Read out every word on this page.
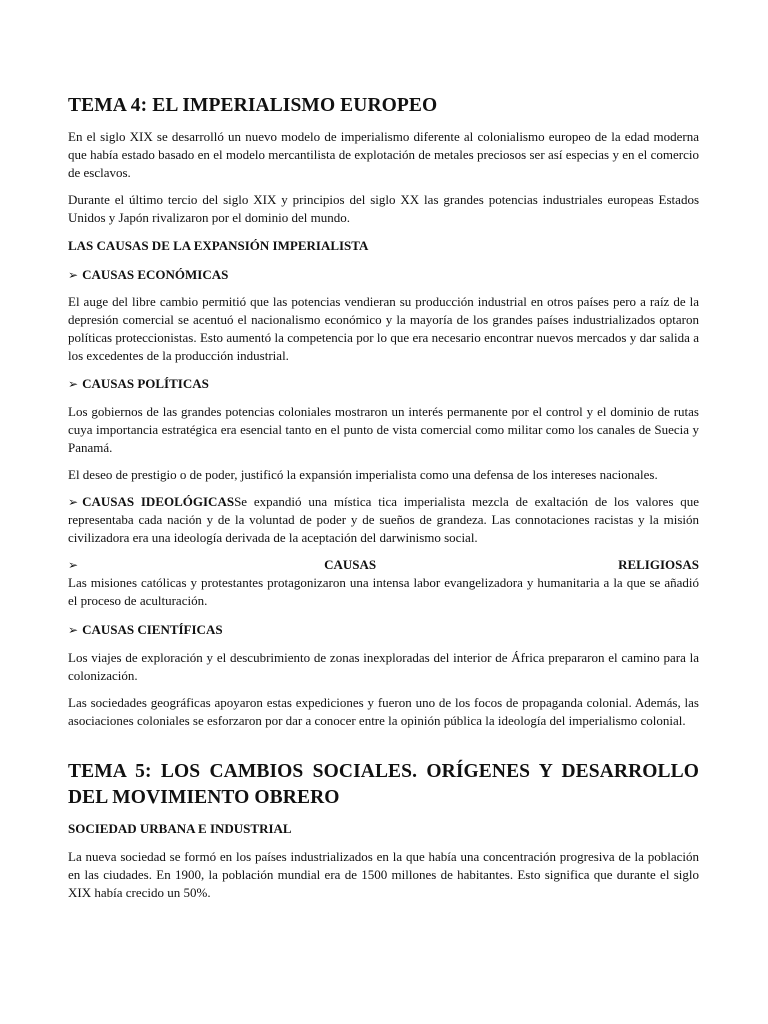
TEMA 4: EL IMPERIALISMO EUROPEO

En el siglo XIX se desarrolló un nuevo modelo de imperialismo diferente al colonialismo europeo de la edad moderna que había estado basado en el modelo mercantilista de explotación de metales preciosos ser así especias y en el comercio de esclavos.

Durante el último tercio del siglo XIX y principios del siglo XX las grandes potencias industriales europeas Estados Unidos y Japón rivalizaron por el dominio del mundo.

LAS CAUSAS DE LA EXPANSIÓN IMPERIALISTA
➢ CAUSAS ECONÓMICAS

El auge del libre cambio permitió que las potencias vendieran su producción industrial en otros países pero a raíz de la depresión comercial se acentuó el nacionalismo económico y la mayoría de los grandes países industrializados optaron políticas proteccionistas. Esto aumentó la competencia por lo que era necesario encontrar nuevos mercados y dar salida a los excedentes de la producción industrial.

➢ CAUSAS POLÍTICAS

Los gobiernos de las grandes potencias coloniales mostraron un interés permanente por el control y el dominio de rutas cuya importancia estratégica era esencial tanto en el punto de vista comercial como militar como los canales de Suecia y Panamá.

El deseo de prestigio o de poder, justificó la expansión imperialista como una defensa de los intereses nacionales.

➢ CAUSAS IDEOLÓGICASSe expandió una mística tica imperialista mezcla de exaltación de los valores que representaba cada nación y de la voluntad de poder y de sueños de grandeza. Las connotaciones racistas y la misión civilizadora era una ideología derivada de la aceptación del darwinismo social.

➢	CAUSAS	RELIGIOSAS

Las misiones católicas y protestantes protagonizaron una intensa labor evangelizadora y humanitaria a la que se añadió el proceso de aculturación.

➢ CAUSAS CIENTÍFICAS

Los viajes de exploración y el descubrimiento de zonas inexploradas del interior de África prepararon el camino para la colonización.

Las sociedades geográficas apoyaron estas expediciones y fueron uno de los focos de propaganda colonial. Además, las asociaciones coloniales se esforzaron por dar a conocer entre la opinión pública la ideología del imperialismo colonial.

TEMA 5: LOS CAMBIOS SOCIALES. ORÍGENES Y DESARROLLO DEL MOVIMIENTO OBRERO
SOCIEDAD URBANA E INDUSTRIAL

La nueva sociedad se formó en los países industrializados en la que había una concentración progresiva de la población en las ciudades. En 1900, la población mundial era de 1500 millones de habitantes. Esto significa que durante el siglo XIX había crecido un 50%.
